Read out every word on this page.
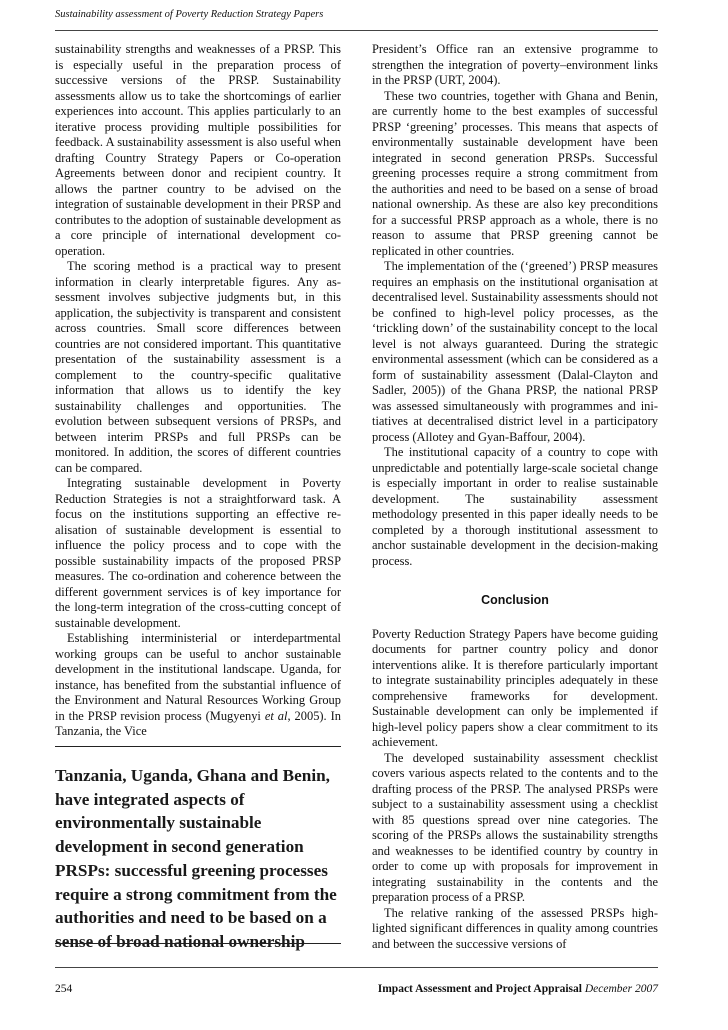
Sustainability assessment of Poverty Reduction Strategy Papers

sustainability strengths and weaknesses of a PRSP. This is especially useful in the preparation process of successive versions of the PRSP. Sustainability assessments allow us to take the shortcomings of earlier experiences into account. This applies particularly to an iterative process providing multiple possibilities for feedback. A sustainability assessment is also useful when drafting Country Strategy Papers or Co-operation Agreements between donor and recipient country. It allows the partner country to be advised on the integration of sustainable development in their PRSP and contributes to the adoption of sustainable development as a core principle of international development co-operation.

The scoring method is a practical way to present information in clearly interpretable figures. Any assessment involves subjective judgments but, in this application, the subjectivity is transparent and consistent across countries. Small score differences between countries are not considered important. This quantitative presentation of the sustainability assessment is a complement to the country-specific qualitative information that allows us to identify the key sustainability challenges and opportunities. The evolution between subsequent versions of PRSPs, and between interim PRSPs and full PRSPs can be monitored. In addition, the scores of different countries can be compared.

Integrating sustainable development in Poverty Reduction Strategies is not a straightforward task. A focus on the institutions supporting an effective realisation of sustainable development is essential to influence the policy process and to cope with the possible sustainability impacts of the proposed PRSP measures. The co-ordination and coherence between the different government services is of key importance for the long-term integration of the cross-cutting concept of sustainable development.

Establishing interministerial or interdepartmental working groups can be useful to anchor sustainable development in the institutional landscape. Uganda, for instance, has benefited from the substantial influence of the Environment and Natural Resources Working Group in the PRSP revision process (Mugyenyi et al, 2005). In Tanzania, the Vice

Tanzania, Uganda, Ghana and Benin, have integrated aspects of environmentally sustainable development in second generation PRSPs: successful greening processes require a strong commitment from the authorities and need to be based on a sense of broad national ownership

President’s Office ran an extensive programme to strengthen the integration of poverty–environment links in the PRSP (URT, 2004).

These two countries, together with Ghana and Benin, are currently home to the best examples of successful PRSP ‘greening’ processes. This means that aspects of environmentally sustainable development have been integrated in second generation PRSPs. Successful greening processes require a strong commitment from the authorities and need to be based on a sense of broad national ownership. As these are also key preconditions for a successful PRSP approach as a whole, there is no reason to assume that PRSP greening cannot be replicated in other countries.

The implementation of the (‘greened’) PRSP measures requires an emphasis on the institutional organisation at decentralised level. Sustainability assessments should not be confined to high-level policy processes, as the ‘trickling down’ of the sustainability concept to the local level is not always guaranteed. During the strategic environmental assessment (which can be considered as a form of sustainability assessment (Dalal-Clayton and Sadler, 2005)) of the Ghana PRSP, the national PRSP was assessed simultaneously with programmes and initiatives at decentralised district level in a participatory process (Allotey and Gyan-Baffour, 2004).

The institutional capacity of a country to cope with unpredictable and potentially large-scale societal change is especially important in order to realise sustainable development. The sustainability assessment methodology presented in this paper ideally needs to be completed by a thorough institutional assessment to anchor sustainable development in the decision-making process.

Conclusion

Poverty Reduction Strategy Papers have become guiding documents for partner country policy and donor interventions alike. It is therefore particularly important to integrate sustainability principles adequately in these comprehensive frameworks for development. Sustainable development can only be implemented if high-level policy papers show a clear commitment to its achievement.

The developed sustainability assessment checklist covers various aspects related to the contents and to the drafting process of the PRSP. The analysed PRSPs were subject to a sustainability assessment using a checklist with 85 questions spread over nine categories. The scoring of the PRSPs allows the sustainability strengths and weaknesses to be identified country by country in order to come up with proposals for improvement in integrating sustainability in the contents and the preparation process of a PRSP.

The relative ranking of the assessed PRSPs highlighted significant differences in quality among countries and between the successive versions of

254	Impact Assessment and Project Appraisal December 2007
